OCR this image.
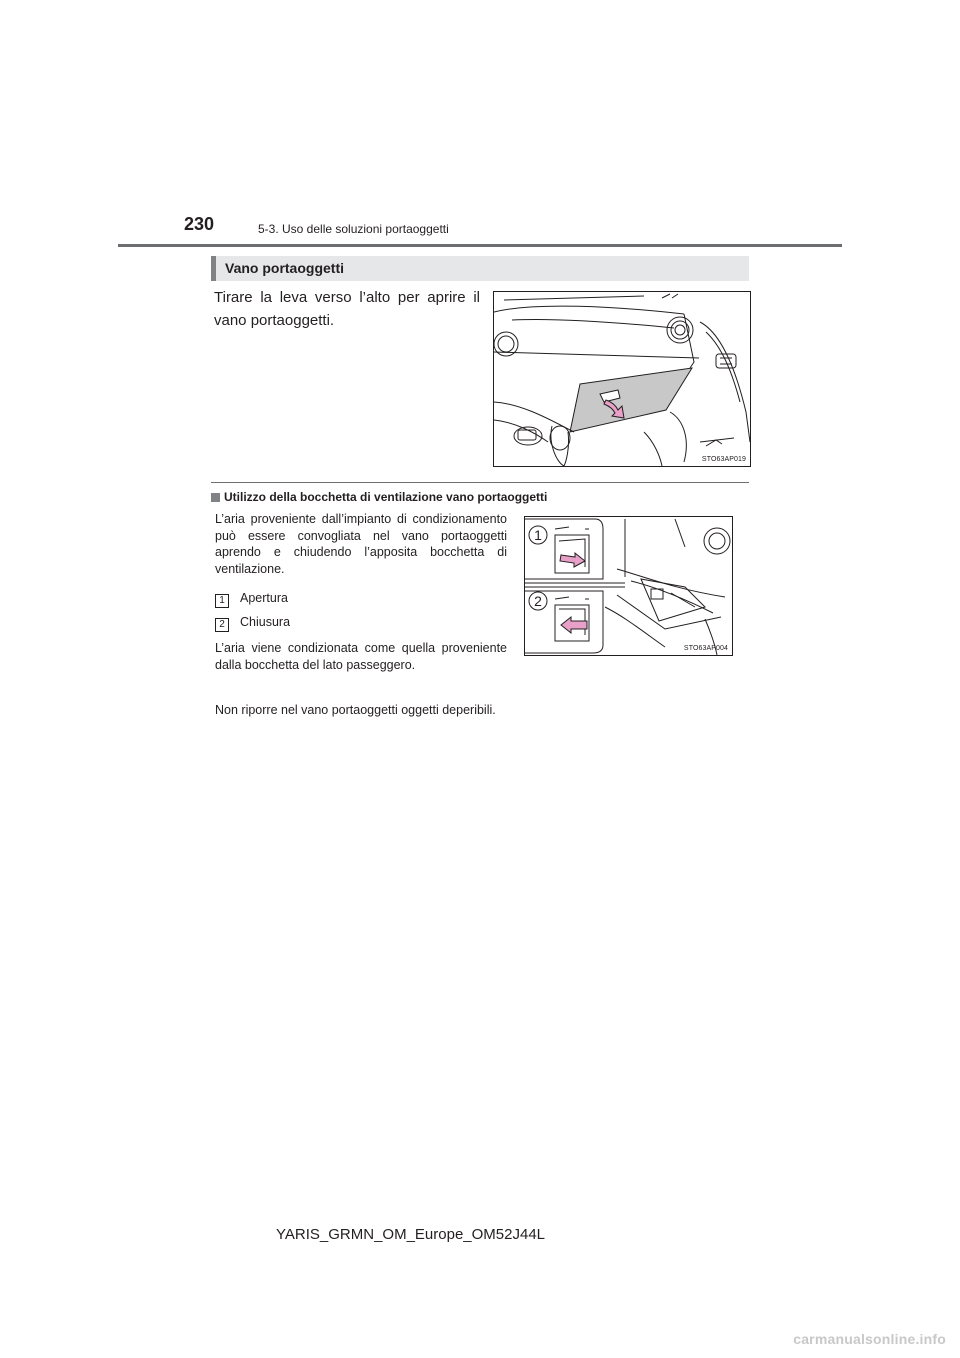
230	5-3. Uso delle soluzioni portaoggetti
Vano portaoggetti
Tirare la leva verso l’alto per aprire il vano portaoggetti.
STO63AP019
Utilizzo della bocchetta di ventilazione vano portaoggetti
L’aria proveniente dall’impianto di condizionamento può essere convogliata nel vano portaoggetti aprendo e chiudendo l’apposita bocchetta di ventilazione.
1 Apertura
2 Chiusura
L’aria viene condizionata come quella proveniente dalla bocchetta del lato passeggero.
Non riporre nel vano portaoggetti oggetti deperibili.
1
2
STO63AP004
YARIS_GRMN_OM_Europe_OM52J44L
carmanualsonline.info
